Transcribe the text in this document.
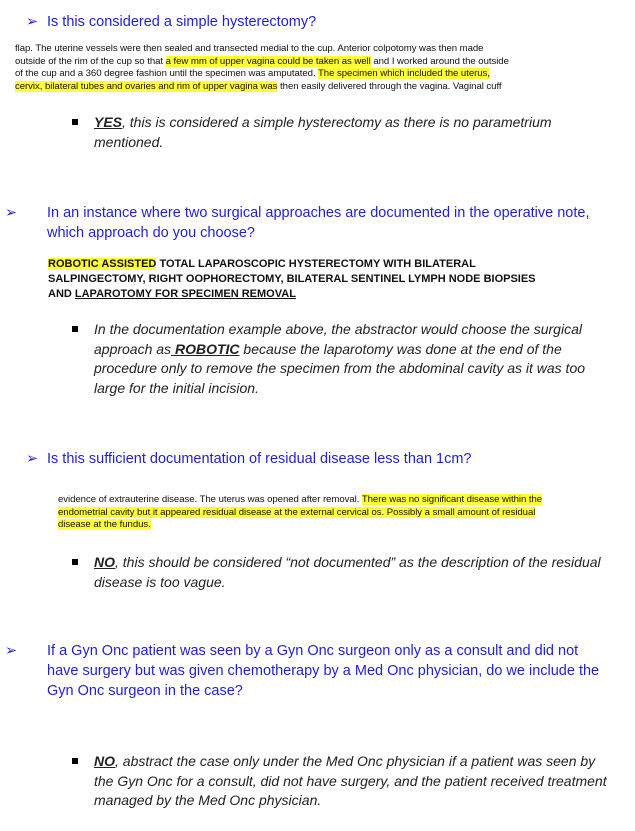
➢ Is this considered a simple hysterectomy?
flap. The uterine vessels were then sealed and transected medial to the cup. Anterior colpotomy was then made
outside of the rim of the cup so that a few mm of upper vagina could be taken as well and I worked around the outside
of the cup and a 360 degree fashion until the specimen was amputated. The specimen which included the uterus,
cervix, bilateral tubes and ovaries and rim of upper vagina was then easily delivered through the vagina. Vaginal cuff
YES, this is considered a simple hysterectomy as there is no parametrium mentioned.
➢ In an instance where two surgical approaches are documented in the operative note, which approach do you choose?
ROBOTIC ASSISTED TOTAL LAPAROSCOPIC HYSTERECTOMY WITH BILATERAL
SALPINGECTOMY, RIGHT OOPHORECTOMY, BILATERAL SENTINEL LYMPH NODE BIOPSIES
AND LAPAROTOMY FOR SPECIMEN REMOVAL
In the documentation example above, the abstractor would choose the surgical approach as ROBOTIC because the laparotomy was done at the end of the procedure only to remove the specimen from the abdominal cavity as it was too large for the initial incision.
➢ Is this sufficient documentation of residual disease less than 1cm?
evidence of extrauterine disease. The uterus was opened after removal. There was no significant disease within the
endometrial cavity but it appeared residual disease at the external cervical os. Possibly a small amount of residual
disease at the fundus.
NO, this should be considered “not documented” as the description of the residual disease is too vague.
➢ If a Gyn Onc patient was seen by a Gyn Onc surgeon only as a consult and did not have surgery but was given chemotherapy by a Med Onc physician, do we include the Gyn Onc surgeon in the case?
NO, abstract the case only under the Med Onc physician if a patient was seen by the Gyn Onc for a consult, did not have surgery, and the patient received treatment managed by the Med Onc physician.
